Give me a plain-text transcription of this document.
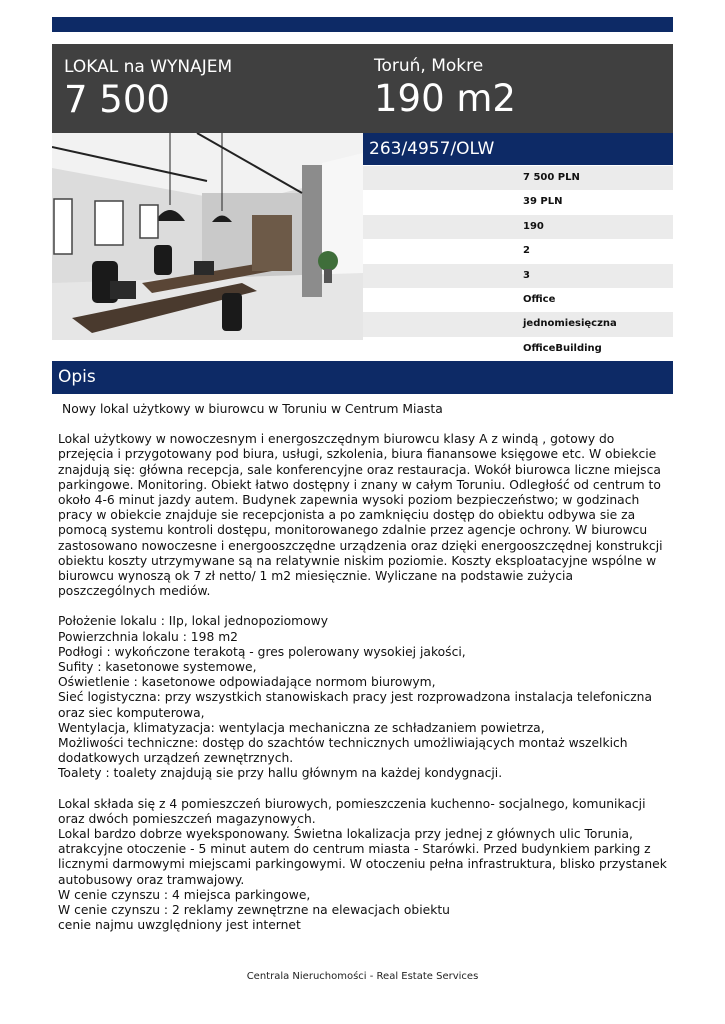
LOKAL na WYNAJEM
7 500
Toruń, Mokre
190 m2
263/4957/OLW
7 500 PLN
39 PLN
190
2
3
Office
jednomiesięczna
OfficeBuilding
Opis

Nowy lokal użytkowy w biurowcu w Toruniu w Centrum Miasta

Lokal użytkowy w nowoczesnym i energoszczędnym biurowcu klasy A z windą , gotowy do
przejęcia i przygotowany pod biura, usługi, szkolenia, biura fianansowe księgowe etc. W obiekcie
znajdują się: główna recepcja, sale konferencyjne oraz restauracja. Wokół biurowca liczne miejsca
parkingowe. Monitoring. Obiekt łatwo dostępny i znany w całym Toruniu. Odległość od centrum to
około 4-6 minut jazdy autem. Budynek zapewnia wysoki poziom bezpieczeństwo; w godzinach
pracy w obiekcie znajduje sie recepcjonista a po zamknięciu dostęp do obiektu odbywa sie za
pomocą systemu kontroli dostępu, monitorowanego zdalnie przez agencje ochrony. W biurowcu
zastosowano nowoczesne i energooszczędne urządzenia oraz dzięki energooszczędnej konstrukcji
obiektu koszty utrzymywane są na relatywnie niskim poziomie. Koszty eksploatacyjne wspólne w
biurowcu wynoszą ok 7 zł netto/ 1 m2 miesięcznie. Wyliczane na podstawie zużycia
poszczególnych mediów.

Położenie lokalu : IIp, lokal jednopoziomowy
Powierzchnia lokalu : 198 m2
Podłogi : wykończone terakotą - gres polerowany wysokiej jakości,
Sufity : kasetonowe systemowe,
Oświetlenie : kasetonowe odpowiadające normom biurowym,
Sieć logistyczna: przy wszystkich stanowiskach pracy jest rozprowadzona instalacja telefoniczna
oraz siec komputerowa,
Wentylacja, klimatyzacja: wentylacja mechaniczna ze schładzaniem powietrza,
Możliwości techniczne: dostęp do szachtów technicznych umożliwiających montaż wszelkich
dodatkowych urządzeń zewnętrznych.
Toalety : toalety znajdują sie przy hallu głównym na każdej kondygnacji.

Lokal składa się z 4 pomieszczeń biurowych, pomieszczenia kuchenno- socjalnego, komunikacji
oraz dwóch pomieszczeń magazynowych.
Lokal bardzo dobrze wyeksponowany. Świetna lokalizacja przy jednej z głównych ulic Torunia,
atrakcyjne otoczenie - 5 minut autem do centrum miasta - Starówki. Przed budynkiem parking z
licznymi darmowymi miejscami parkingowymi. W otoczeniu pełna infrastruktura, blisko przystanek
autobusowy oraz tramwajowy.
W cenie czynszu : 4 miejsca parkingowe,
W cenie czynszu : 2 reklamy zewnętrzne na elewacjach obiektu
cenie najmu uwzględniony jest internet

Centrala Nieruchomości - Real Estate Services
